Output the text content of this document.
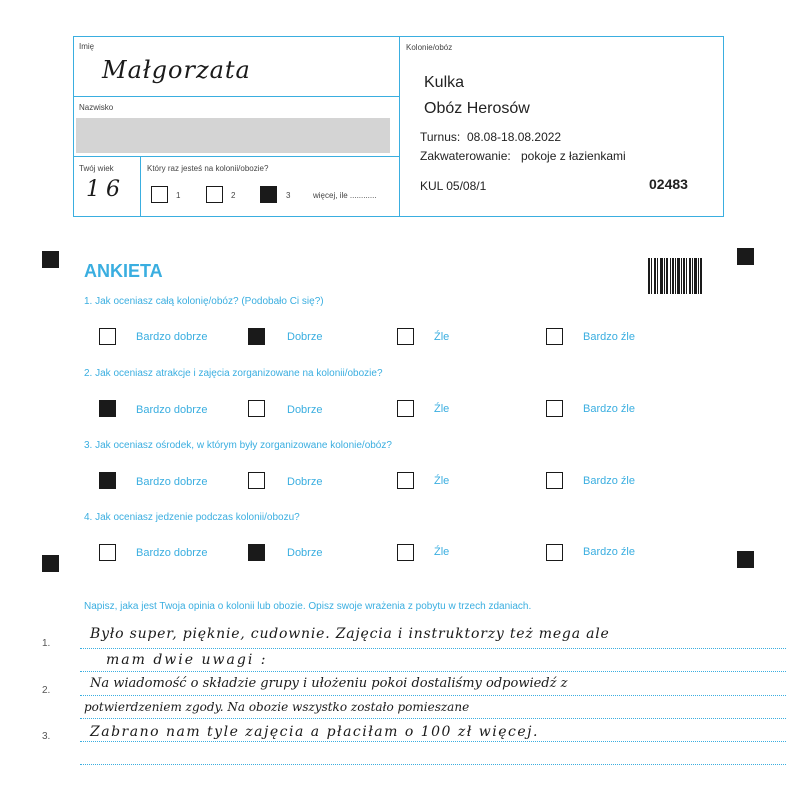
Imię
Małgorzata
Nazwisko
Twój wiek
16
Który raz jesteś na kolonii/obozie?
1	2	3	więcej, ile ............
Kolonie/obóz
Kulka
Obóz Herosów
Turnus: 08.08-18.08.2022
Zakwaterowanie: pokoje z łazienkami
KUL 05/08/1	02483
ANKIETA
1. Jak oceniasz całą kolonię/obóz? (Podobało Ci się?)
Bardzo dobrze	Dobrze	Źle	Bardzo źle
2. Jak oceniasz atrakcje i zajęcia zorganizowane na kolonii/obozie?
Bardzo dobrze	Dobrze	Źle	Bardzo źle
3. Jak oceniasz ośrodek, w którym były zorganizowane kolonie/obóz?
Bardzo dobrze	Dobrze	Źle	Bardzo źle
4. Jak oceniasz jedzenie podczas kolonii/obozu?
Bardzo dobrze	Dobrze	Źle	Bardzo źle
Napisz, jaka jest Twoja opinia o kolonii lub obozie. Opisz swoje wrażenia z pobytu w trzech zdaniach.
1.
2.
3.
Było super, pięknie, cudownie. Zajęcia i instruktorzy też mega ale
mam dwie uwagi :
Na wiadomość o składzie grupy i ułożeniu pokoi dostaliśmy odpowiedź z
potwierdzeniem zgody. Na obozie wszystko zostało pomieszane
Zabrano nam tyle zajęcia a płaciłam o 100 zł więcej.
